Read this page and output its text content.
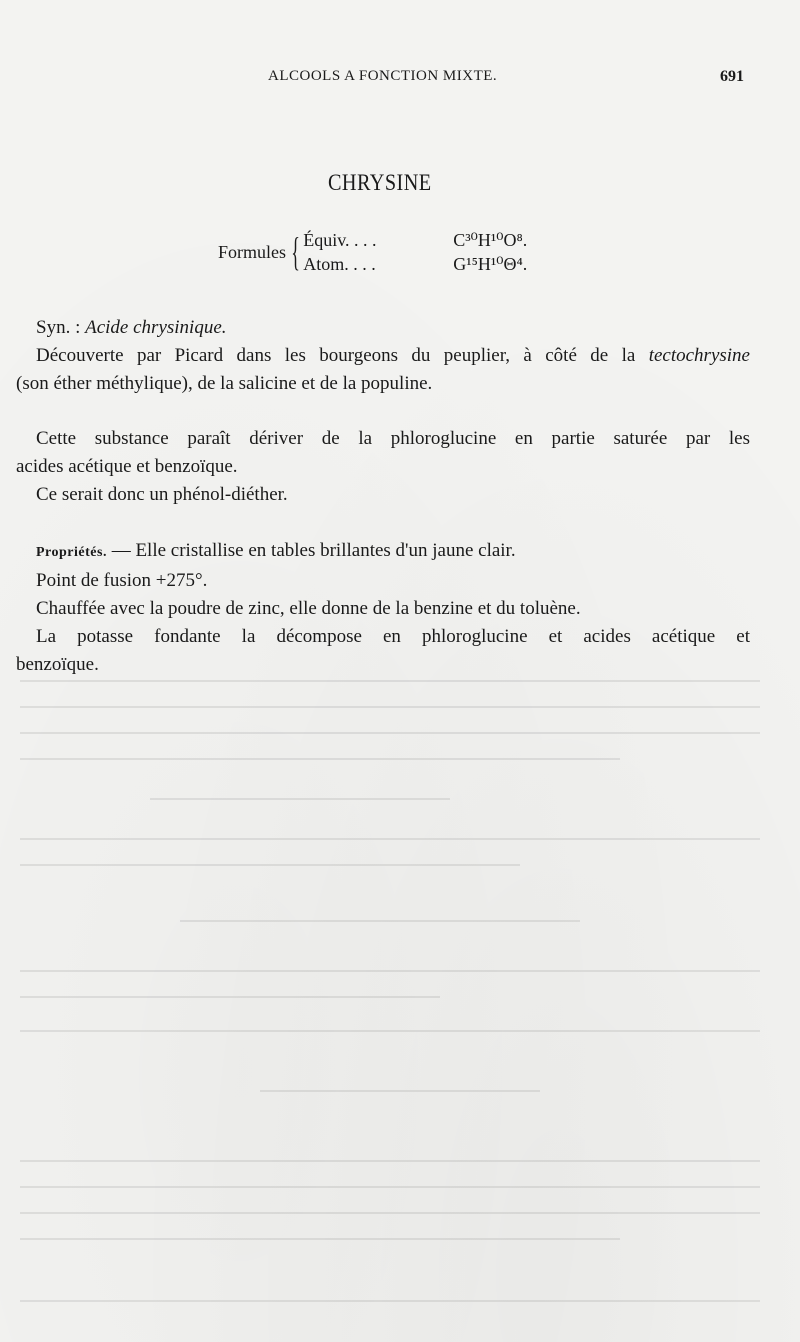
ALCOOLS A FONCTION MIXTE.	691
CHRYSINE
Formules { Équiv. . . .	C³⁰H¹⁰O⁸.
Atom. . . .	G¹⁵H¹⁰Θ⁴.

Syn. : Acide chrysinique.

Découverte par Picard dans les bourgeons du peuplier, à côté de la tectochrysine

(son éther méthylique), de la salicine et de la populine.

Cette substance paraît dériver de la phloroglucine en partie saturée par les

acides acétique et benzoïque.

Ce serait donc un phénol-diéther.

Propriétés. — Elle cristallise en tables brillantes d'un jaune clair.

Point de fusion +275°.

Chauffée avec la poudre de zinc, elle donne de la benzine et du toluène.

La potasse fondante la décompose en phloroglucine et acides acétique et

benzoïque.
